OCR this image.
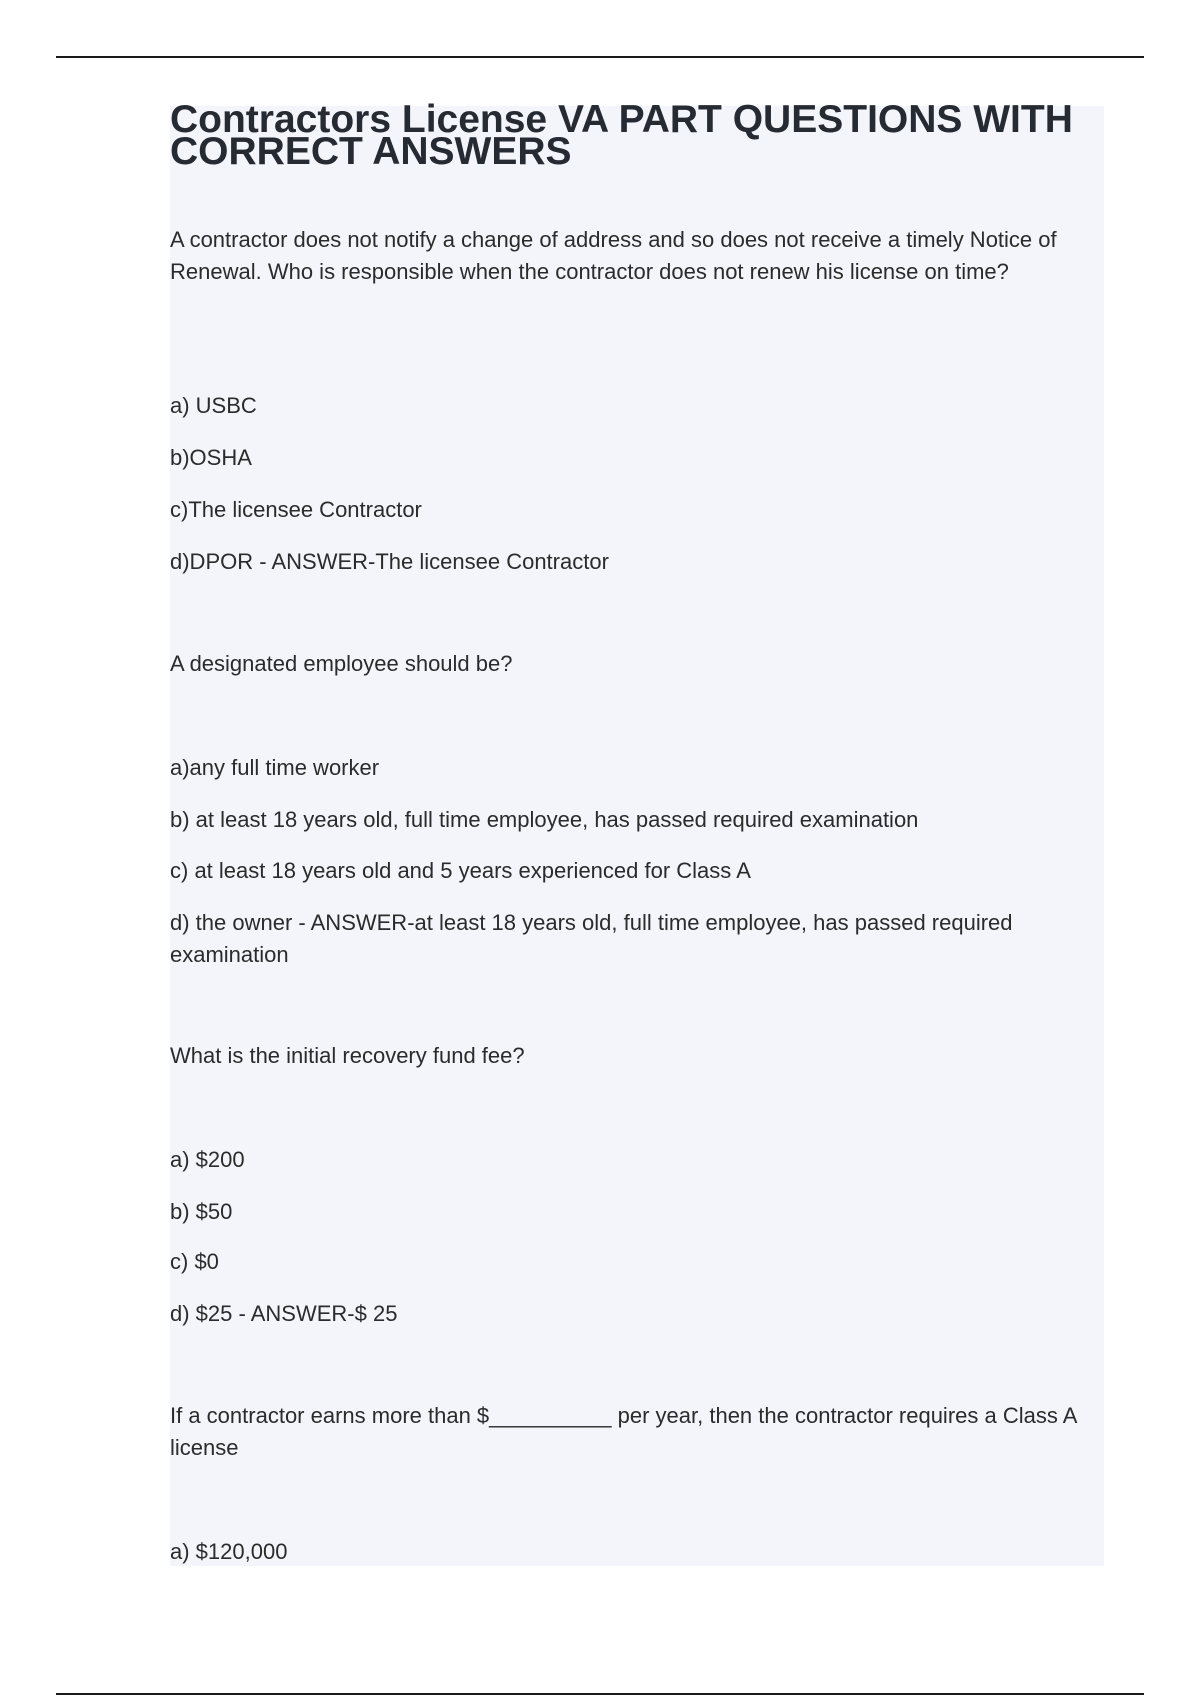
Contractors License VA PART QUESTIONS WITH CORRECT ANSWERS
A contractor does not notify a change of address and so does not receive a timely Notice of Renewal. Who is responsible when the contractor does not renew his license on time?
a) USBC
b)OSHA
c)The licensee Contractor
d)DPOR - ANSWER-The licensee Contractor
A designated employee should be?
a)any full time worker
b) at least 18 years old, full time employee, has passed required examination
c) at least 18 years old and 5 years experienced for Class A
d) the owner - ANSWER-at least 18 years old, full time employee, has passed required examination
What is the initial recovery fund fee?
a) $200
b) $50
c) $0
d) $25 - ANSWER-$ 25
If a contractor earns more than $__________ per year, then the contractor requires a Class A license
a) $120,000
